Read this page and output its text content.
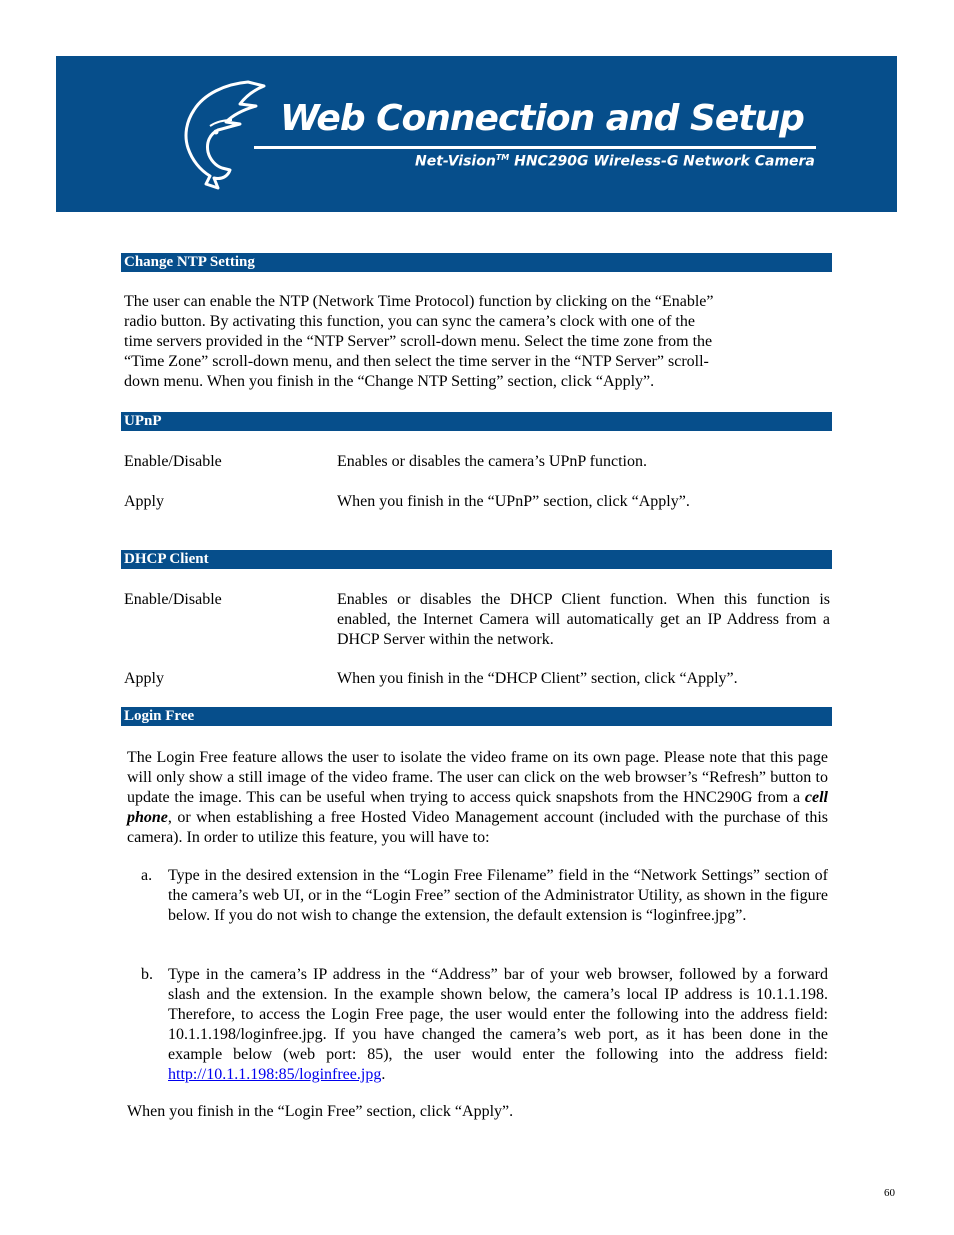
Web Connection and Setup
Net-Vision™ HNC290G Wireless-G Network Camera
Change NTP Setting
The user can enable the NTP (Network Time Protocol) function by clicking on the “Enable”
radio button. By activating this function, you can sync the camera’s clock with one of the
time servers provided in the “NTP Server” scroll-down menu. Select the time zone from the
“Time Zone” scroll-down menu, and then select the time server in the “NTP Server” scroll-
down menu. When you finish in the “Change NTP Setting” section, click “Apply”.
UPnP
Enable/Disable	Enables or disables the camera’s UPnP function.
Apply	When you finish in the “UPnP” section, click “Apply”.
DHCP Client
Enable/Disable	Enables or disables the DHCP Client function. When this function is enabled, the Internet Camera will automatically get an IP Address from a DHCP Server within the network.
Apply	When you finish in the “DHCP Client” section, click “Apply”.
Login Free
The Login Free feature allows the user to isolate the video frame on its own page. Please note that this page will only show a still image of the video frame. The user can click on the web browser’s “Refresh” button to update the image. This can be useful when trying to access quick snapshots from the HNC290G from a cell phone, or when establishing a free Hosted Video Management account (included with the purchase of this camera). In order to utilize this feature, you will have to:
a. Type in the desired extension in the “Login Free Filename” field in the “Network Settings” section of the camera’s web UI, or in the “Login Free” section of the Administrator Utility, as shown in the figure below. If you do not wish to change the extension, the default extension is “loginfree.jpg”.
b. Type in the camera’s IP address in the “Address” bar of your web browser, followed by a forward slash and the extension. In the example shown below, the camera’s local IP address is 10.1.1.198. Therefore, to access the Login Free page, the user would enter the following into the address field: 10.1.1.198/loginfree.jpg. If you have changed the camera’s web port, as it has been done in the example below (web port: 85), the user would enter the following into the address field: http://10.1.1.198:85/loginfree.jpg.
When you finish in the “Login Free” section, click “Apply”.
60
